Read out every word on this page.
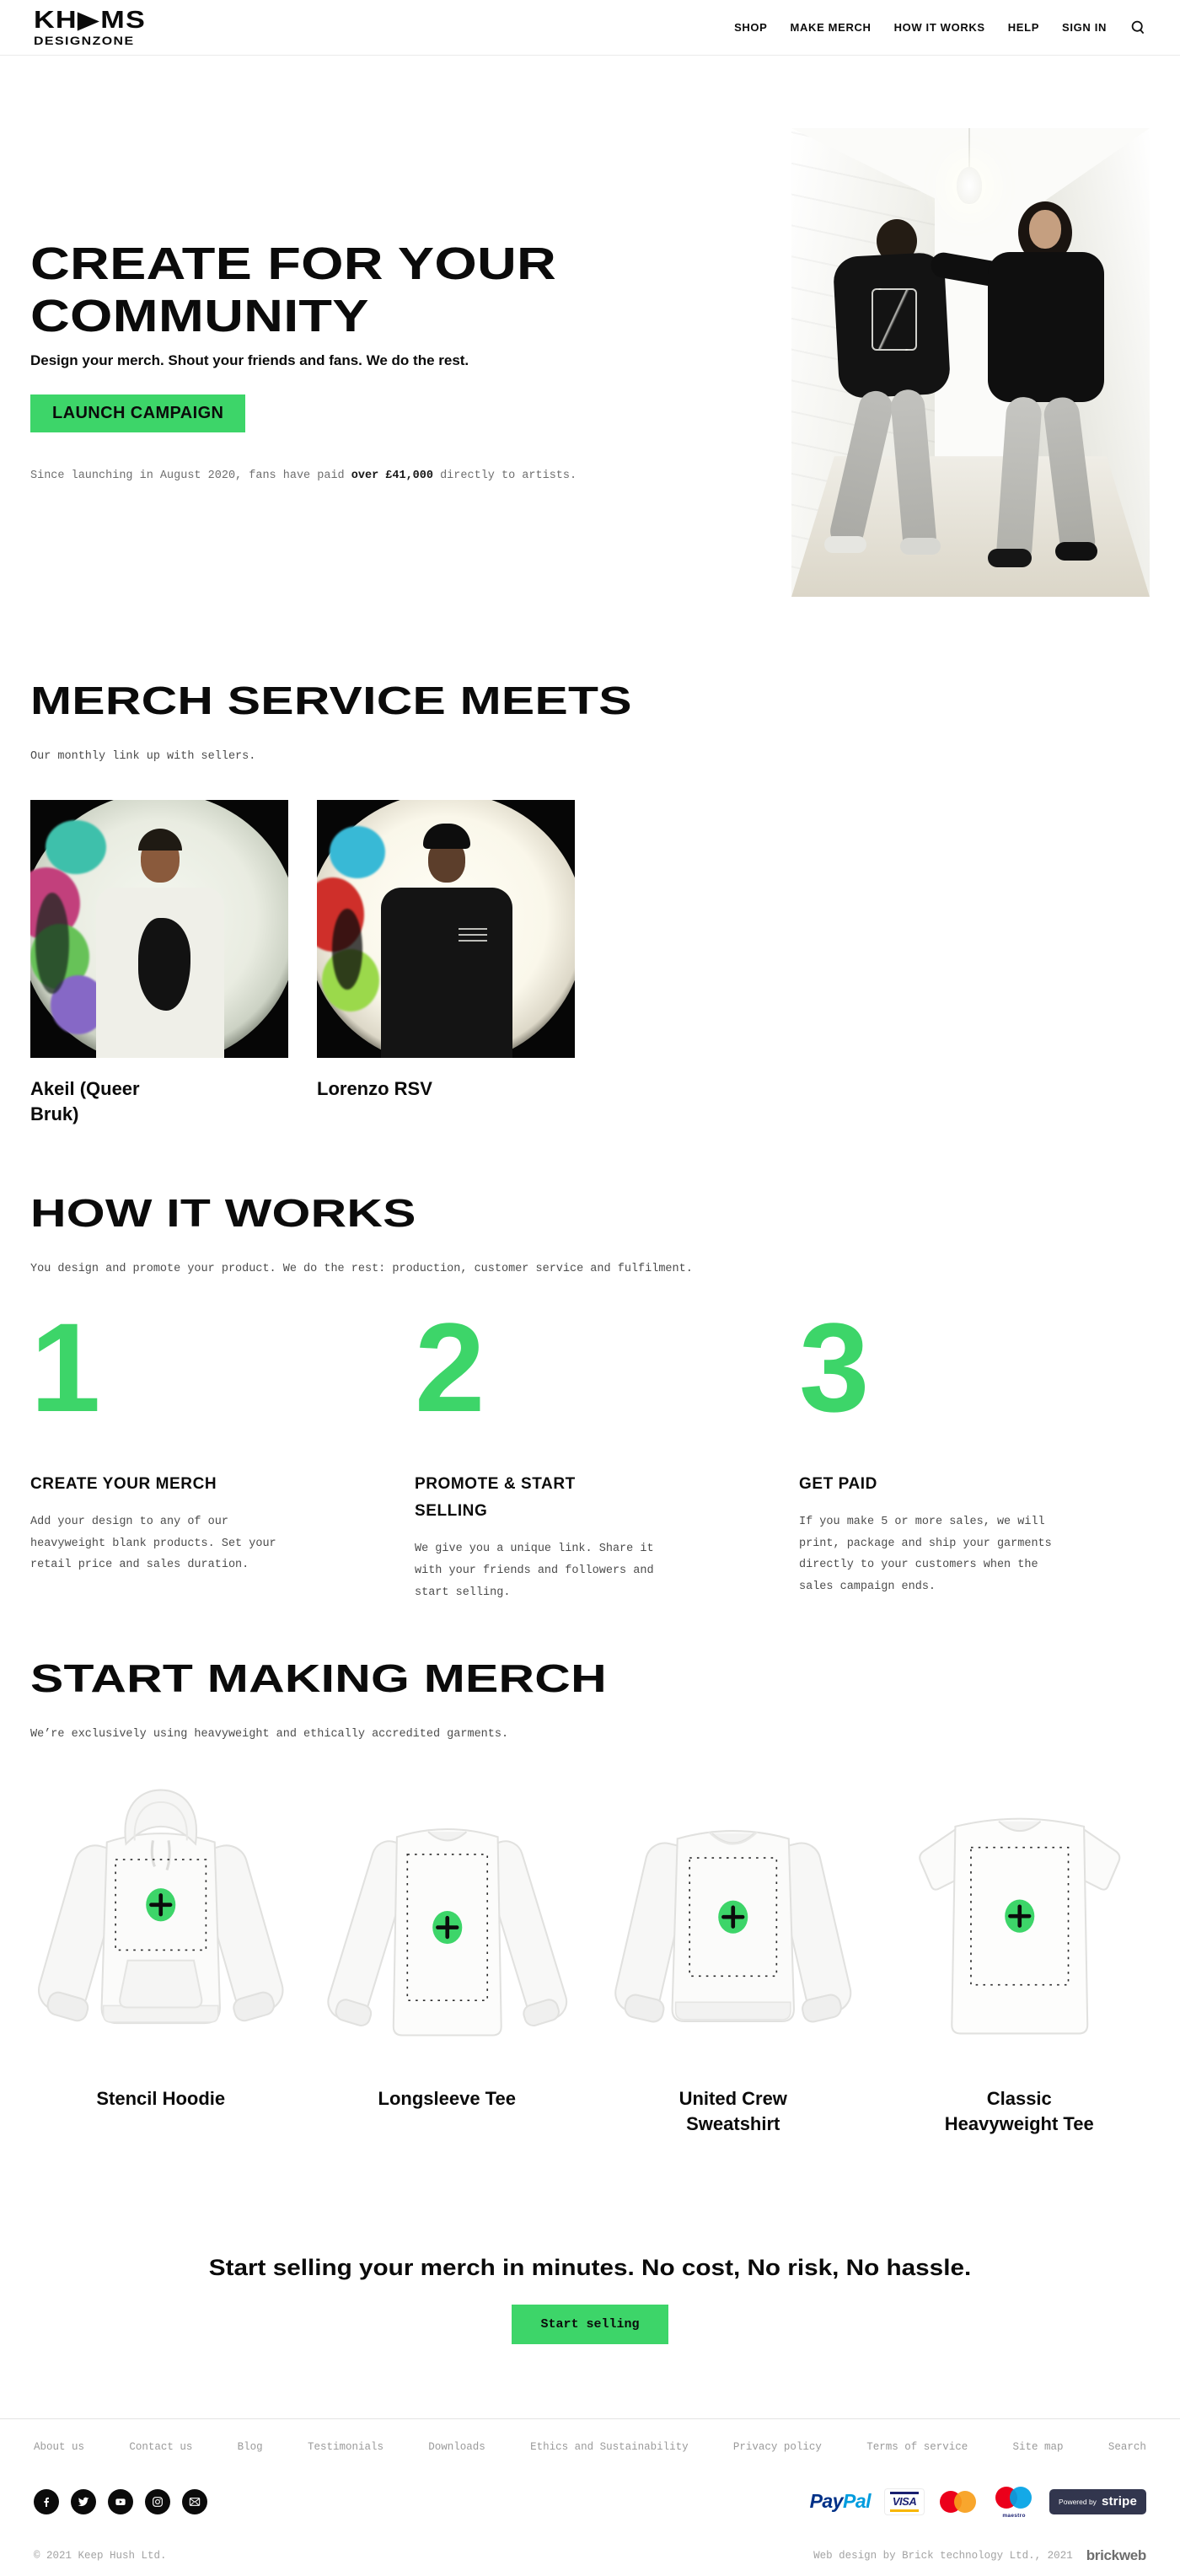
KH▶MS
DESIGNZONE
SHOP MAKE MERCH HOW IT WORKS HELP SIGN IN
CREATE FOR YOUR COMMUNITY

Design your merch. Shout your friends and fans. We do the rest.

LAUNCH CAMPAIGN

Since launching in August 2020, fans have paid over £41,000 directly to artists.

MERCH SERVICE MEETS

Our monthly link up with sellers.

Akeil (Queer Bruk)
Lorenzo RSV
HOW IT WORKS

You design and promote your product. We do the rest: production, customer service and fulfilment.

1
CREATE YOUR MERCH

Add your design to any of our heavyweight blank products. Set your retail price and sales duration.

2
PROMOTE & START SELLING

We give you a unique link. Share it with your friends and followers and start selling.

3
GET PAID

If you make 5 or more sales, we will print, package and ship your garments directly to your customers when the sales campaign ends.

START MAKING MERCH

We’re exclusively using heavyweight and ethically accredited garments.

Stencil Hoodie	Longsleeve Tee	United Crew Sweatshirt
Classic Heavyweight Tee
Start selling your merch in minutes. No cost, No risk, No hassle.
Start selling
About us	Contact us	Blog	Testimonials	Downloads	Ethics and Sustainability	Privacy policy	Terms of service	Site map	Search
PayPal VISA
maestro
Powered by stripe
© 2021 Keep Hush Ltd.	Web design by Brick technology Ltd., 2021 brickweb
